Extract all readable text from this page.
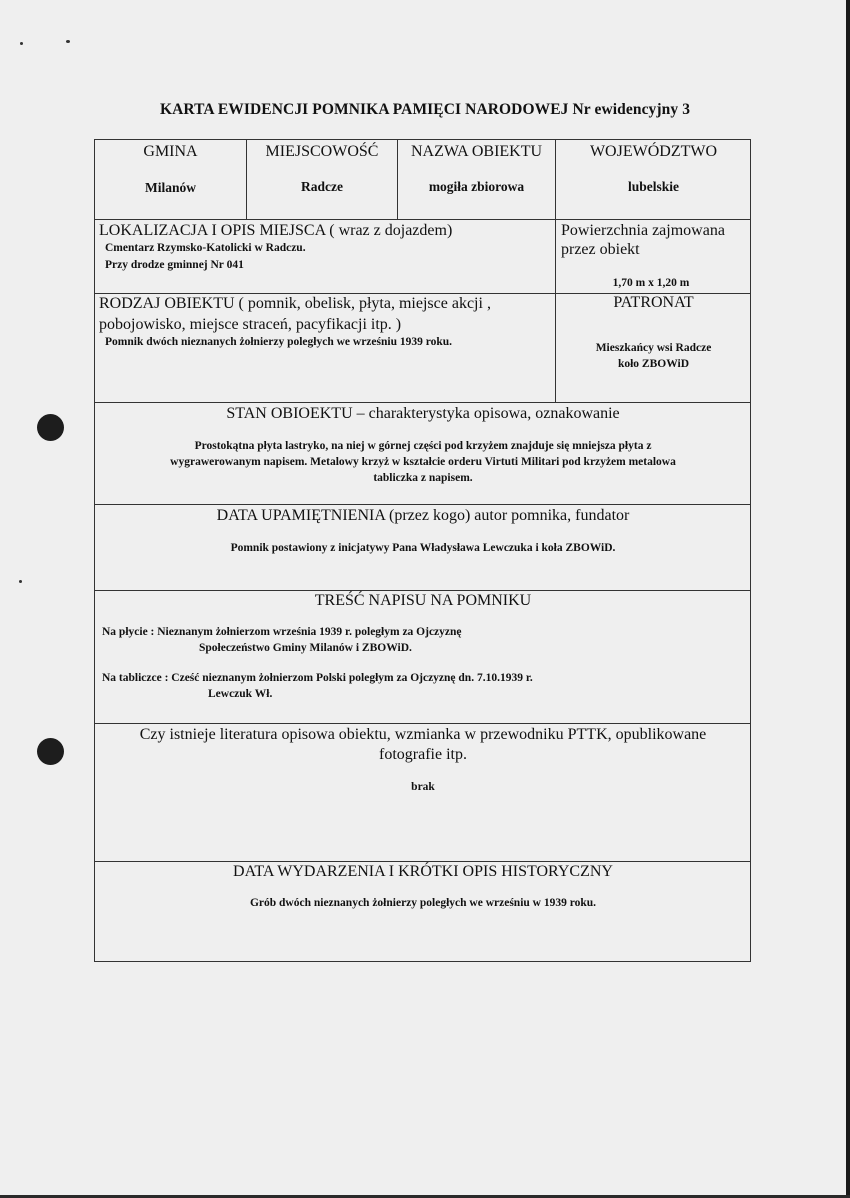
KARTA EWIDENCJI POMNIKA PAMIĘCI NARODOWEJ Nr ewidencyjny 3
GMINA
Milanów
MIEJSCOWOŚĆ
Radcze
NAZWA OBIEKTU
mogiła zbiorowa
WOJEWÓDZTWO
lubelskie
LOKALIZACJA I OPIS MIEJSCA ( wraz z dojazdem)
Cmentarz Rzymsko-Katolicki w Radczu.
Przy drodze gminnej Nr 041
Powierzchnia zajmowana
przez obiekt
1,70 m x 1,20 m
RODZAJ OBIEKTU ( pomnik, obelisk, płyta, miejsce akcji ,
pobojowisko, miejsce straceń, pacyfikacji itp. )
Pomnik dwóch nieznanych żołnierzy poległych we wrześniu 1939 roku.
PATRONAT
Mieszkańcy wsi Radcze
koło ZBOWiD
STAN OBIOEKTU – charakterystyka opisowa, oznakowanie
Prostokątna płyta lastryko, na niej w górnej części pod krzyżem znajduje się mniejsza płyta z
wygrawerowanym napisem. Metalowy krzyż w kształcie orderu Virtuti Militari pod krzyżem metalowa
tabliczka z napisem.
DATA UPAMIĘTNIENIA (przez kogo) autor pomnika, fundator
Pomnik postawiony z inicjatywy Pana Władysława Lewczuka i koła ZBOWiD.
TREŚĆ NAPISU NA POMNIKU
Na płycie : Nieznanym żołnierzom września 1939 r. poległym za Ojczyznę
Społeczeństwo Gminy Milanów i ZBOWiD.
Na tabliczce : Cześć nieznanym żołnierzom Polski poległym za Ojczyznę dn. 7.10.1939 r.
Lewczuk Wł.
Czy istnieje literatura opisowa obiektu, wzmianka w przewodniku PTTK, opublikowane
fotografie itp.
brak
DATA WYDARZENIA I KRÓTKI OPIS HISTORYCZNY
Grób dwóch nieznanych żołnierzy poległych we wrześniu w 1939 roku.
